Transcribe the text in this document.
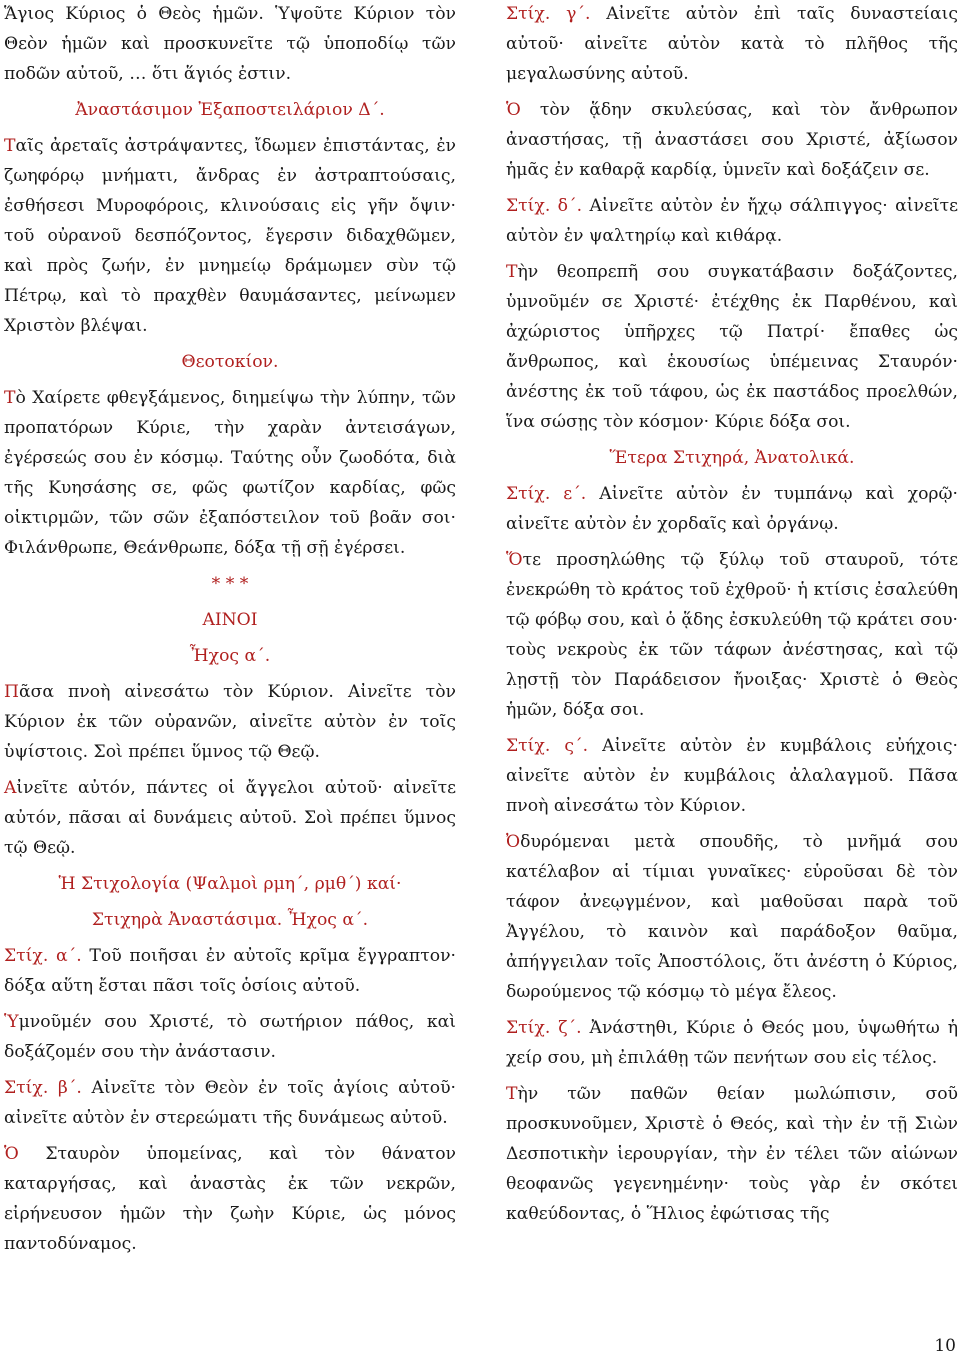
Ἅγιος Κύριος ὁ Θεὸς ἡμῶν. Ὑψοῦτε Κύριον τὸν Θεὸν ἡμῶν καὶ προσκυνεῖτε τῷ ὑποποδίῳ τῶν ποδῶν αὐτοῦ, … ὅτι ἅγιός ἐστιν.

Ἀναστάσιμον Ἐξαποστειλάριον Δ΄.

Ταῖς ἀρεταῖς ἀστράψαντες, ἴδωμεν ἐπιστάντας, ἐν ζωηφόρῳ μνήματι, ἄνδρας ἐν ἀστραπτούσαις, ἐσθήσεσι Μυροφόροις, κλινούσαις εἰς γῆν ὄψιν· τοῦ οὐρανοῦ δεσπόζοντος, ἔγερσιν διδαχθῶμεν, καὶ πρὸς ζωήν, ἐν μνημείῳ δράμωμεν σὺν τῷ Πέτρῳ, καὶ τὸ πραχθὲν θαυμάσαντες, μείνωμεν Χριστὸν βλέψαι.

Θεοτοκίον.

Τὸ Χαίρετε φθεγξάμενος, διημείψω τὴν λύπην, τῶν προπατόρων Κύριε, τὴν χαρὰν ἀντεισάγων, ἐγέρσεώς σου ἐν κόσμῳ. Ταύτης οὖν ζωοδότα, διὰ τῆς Κυησάσης σε, φῶς φωτίζον καρδίας, φῶς οἰκτιρμῶν, τῶν σῶν ἐξαπόστειλον τοῦ βοᾶν σοι· Φιλάνθρωπε, Θεάνθρωπε, δόξα τῇ σῇ ἐγέρσει.

* * *

ΑΙΝΟΙ

Ἦχος α΄.

Πᾶσα πνοὴ αἰνεσάτω τὸν Κύριον. Αἰνεῖτε τὸν Κύριον ἐκ τῶν οὐρανῶν, αἰνεῖτε αὐτὸν ἐν τοῖς ὑψίστοις. Σοὶ πρέπει ὕμνος τῷ Θεῷ.

Αἰνεῖτε αὐτόν, πάντες οἱ ἄγγελοι αὐτοῦ· αἰνεῖτε αὐτόν, πᾶσαι αἱ δυνάμεις αὐτοῦ. Σοὶ πρέπει ὕμνος τῷ Θεῷ.

Ἡ Στιχολογία (Ψαλμοὶ ρμη΄, ρμθ΄) καί·

Στιχηρὰ Ἀναστάσιμα. Ἦχος α΄.

Στίχ. α΄. Τοῦ ποιῆσαι ἐν αὐτοῖς κρῖμα ἔγγραπτον· δόξα αὕτη ἔσται πᾶσι τοῖς ὁσίοις αὐτοῦ.

Ὑμνοῦμέν σου Χριστέ, τὸ σωτήριον πάθος, καὶ δοξάζομέν σου τὴν ἀνάστασιν.

Στίχ. β΄. Αἰνεῖτε τὸν Θεὸν ἐν τοῖς ἁγίοις αὐτοῦ· αἰνεῖτε αὐτὸν ἐν στερεώματι τῆς δυνάμεως αὐτοῦ.

Ὁ Σταυρὸν ὑπομείνας, καὶ τὸν θάνατον καταργήσας, καὶ ἀναστὰς ἐκ τῶν νεκρῶν, εἰρήνευσον ἡμῶν τὴν ζωὴν Κύριε, ὡς μόνος παντοδύναμος.

Στίχ. γ΄. Αἰνεῖτε αὐτὸν ἐπὶ ταῖς δυναστείαις αὐτοῦ· αἰνεῖτε αὐτὸν κατὰ τὸ πλῆθος τῆς μεγαλωσύνης αὐτοῦ.

Ὁ τὸν ᾅδην σκυλεύσας, καὶ τὸν ἄνθρωπον ἀναστήσας, τῇ ἀναστάσει σου Χριστέ, ἀξίωσον ἡμᾶς ἐν καθαρᾷ καρδίᾳ, ὑμνεῖν καὶ δοξάζειν σε.

Στίχ. δ΄. Αἰνεῖτε αὐτὸν ἐν ἤχῳ σάλπιγγος· αἰνεῖτε αὐτὸν ἐν ψαλτηρίῳ καὶ κιθάρᾳ.

Τὴν θεοπρεπῆ σου συγκατάβασιν δοξάζοντες, ὑμνοῦμέν σε Χριστέ· ἐτέχθης ἐκ Παρθένου, καὶ ἀχώριστος ὑπῆρχες τῷ Πατρί· ἔπαθες ὡς ἄνθρωπος, καὶ ἑκουσίως ὑπέμεινας Σταυρόν· ἀνέστης ἐκ τοῦ τάφου, ὡς ἐκ παστάδος προελθών, ἵνα σώσῃς τὸν κόσμον· Κύριε δόξα σοι.

Ἕτερα Στιχηρά, Ἀνατολικά.

Στίχ. ε΄. Αἰνεῖτε αὐτὸν ἐν τυμπάνῳ καὶ χορῷ· αἰνεῖτε αὐτὸν ἐν χορδαῖς καὶ ὀργάνῳ.

Ὅτε προσηλώθης τῷ ξύλῳ τοῦ σταυροῦ, τότε ἐνεκρώθη τὸ κράτος τοῦ ἐχθροῦ· ἡ κτίσις ἐσαλεύθη τῷ φόβῳ σου, καὶ ὁ ᾅδης ἐσκυλεύθη τῷ κράτει σου· τοὺς νεκροὺς ἐκ τῶν τάφων ἀνέστησας, καὶ τῷ λῃστῇ τὸν Παράδεισον ἤνοιξας· Χριστὲ ὁ Θεὸς ἡμῶν, δόξα σοι.

Στίχ. ς΄. Αἰνεῖτε αὐτὸν ἐν κυμβάλοις εὐήχοις· αἰνεῖτε αὐτὸν ἐν κυμβάλοις ἀλαλαγμοῦ. Πᾶσα πνοὴ αἰνεσάτω τὸν Κύριον.

Ὀδυρόμεναι μετὰ σπουδῆς, τὸ μνῆμά σου κατέλαβον αἱ τίμιαι γυναῖκες· εὑροῦσαι δὲ τὸν τάφον ἀνεῳγμένον, καὶ μαθοῦσαι παρὰ τοῦ Ἀγγέλου, τὸ καινὸν καὶ παράδοξον θαῦμα, ἀπήγγειλαν τοῖς Ἀποστόλοις, ὅτι ἀνέστη ὁ Κύριος, δωρούμενος τῷ κόσμῳ τὸ μέγα ἔλεος.

Στίχ. ζ΄. Ἀνάστηθι, Κύριε ὁ Θεός μου, ὑψωθήτω ἡ χείρ σου, μὴ ἐπιλάθῃ τῶν πενήτων σου εἰς τέλος.

Τὴν τῶν παθῶν θείαν μωλώπισιν, σοῦ προσκυνοῦμεν, Χριστὲ ὁ Θεός, καὶ τὴν ἐν τῇ Σιὼν Δεσποτικὴν ἱερουργίαν, τὴν ἐν τέλει τῶν αἰώνων θεοφανῶς γεγενημένην· τοὺς γὰρ ἐν σκότει καθεύδοντας, ὁ Ἥλιος ἐφώτισας τῆς

10
